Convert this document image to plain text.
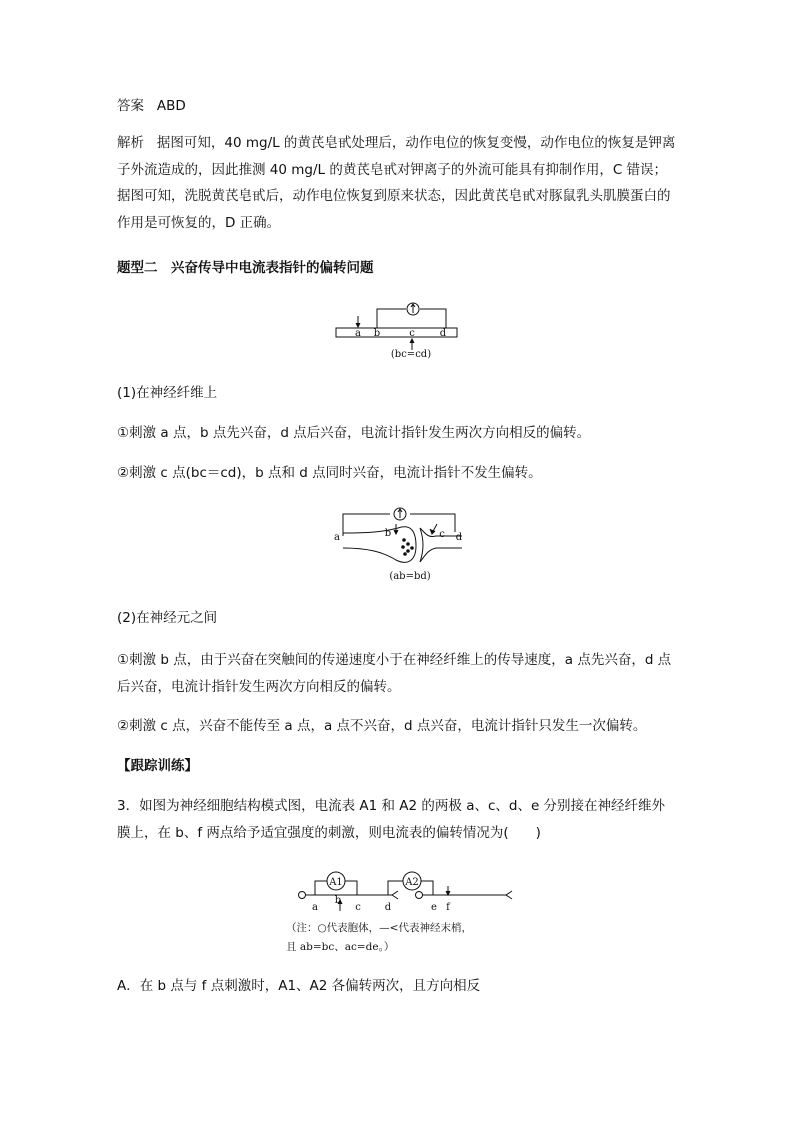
答案 ABD
解析 据图可知，40 mg/L 的黄芪皂甙处理后，动作电位的恢复变慢，动作电位的恢复是钾离子外流造成的，因此推测 40 mg/L 的黄芪皂甙对钾离子的外流可能具有抑制作用，C 错误；据图可知，洗脱黄芪皂甙后，动作电位恢复到原来状态，因此黄芪皂甙对豚鼠乳头肌膜蛋白的作用是可恢复的，D 正确。
题型二　兴奋传导中电流表指针的偏转问题
a b	c d
(bc=cd)
(1)在神经纤维上
①刺激 a 点，b 点先兴奋，d 点后兴奋，电流计指针发生两次方向相反的偏转。
②刺激 c 点(bc＝cd)，b 点和 d 点同时兴奋，电流计指针不发生偏转。
a	b	c d
(ab=bd)
(2)在神经元之间
①刺激 b 点，由于兴奋在突触间的传递速度小于在神经纤维上的传导速度，a 点先兴奋，d 点后兴奋，电流计指针发生两次方向相反的偏转。
②刺激 c 点，兴奋不能传至 a 点，a 点不兴奋，d 点兴奋，电流计指针只发生一次偏转。
【跟踪训练】
3．如图为神经细胞结构模式图，电流表 A1 和 A2 的两极 a、c、d、e 分别接在神经纤维外膜上，在 b、f 两点给予适宜强度的刺激，则电流表的偏转情况为(　　)
A1	A2
a
b
c d	e f
（注：○代表胞体，—<代表神经末梢，
且 ab=bc、ac=de。）
A．在 b 点与 f 点刺激时，A1、A2 各偏转两次，且方向相反
